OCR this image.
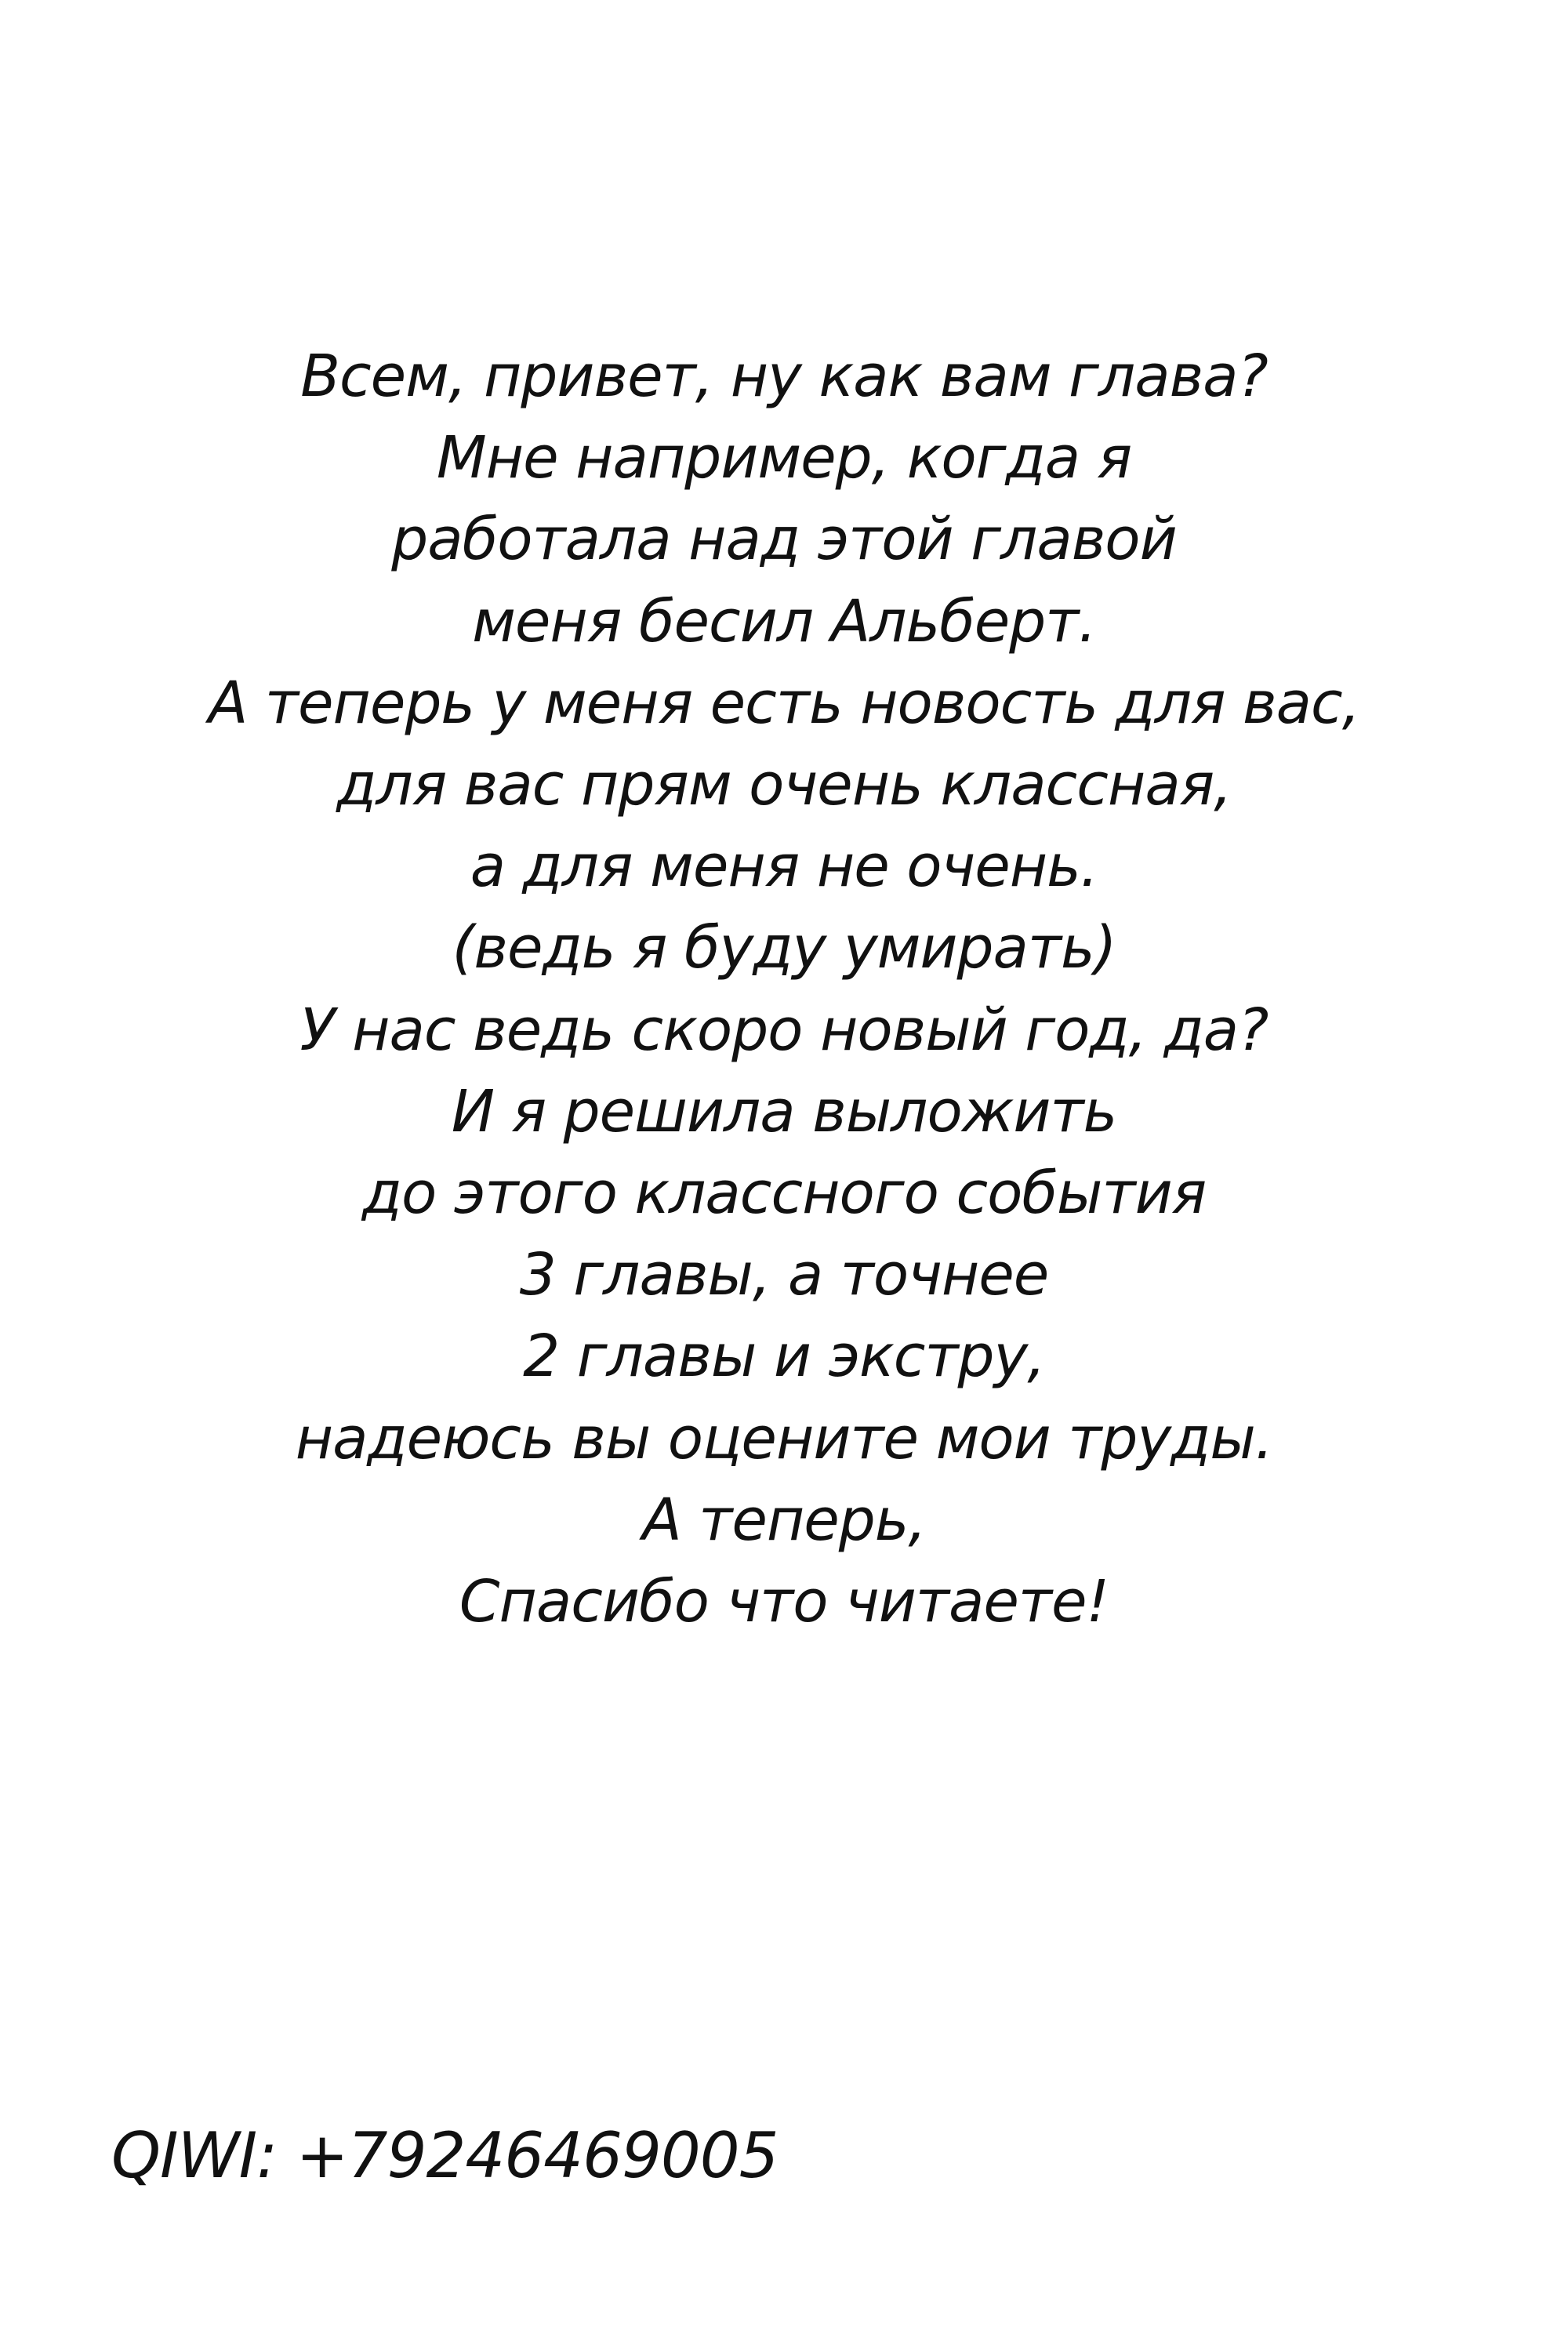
Всем, привет, ну как вам глава?
Мне например, когда я
работала над этой главой
меня бесил Альберт.
А теперь у меня есть новость для вас,
для вас прям очень классная,
а для меня не очень.
(ведь я буду умирать)
У нас ведь скоро новый год, да?
И я решила выложить
до этого классного события
3 главы, а точнее
2 главы и экстру,
надеюсь вы оцените мои труды.
А теперь,
Спасибо что читаете!
QIWI: +79246469005
